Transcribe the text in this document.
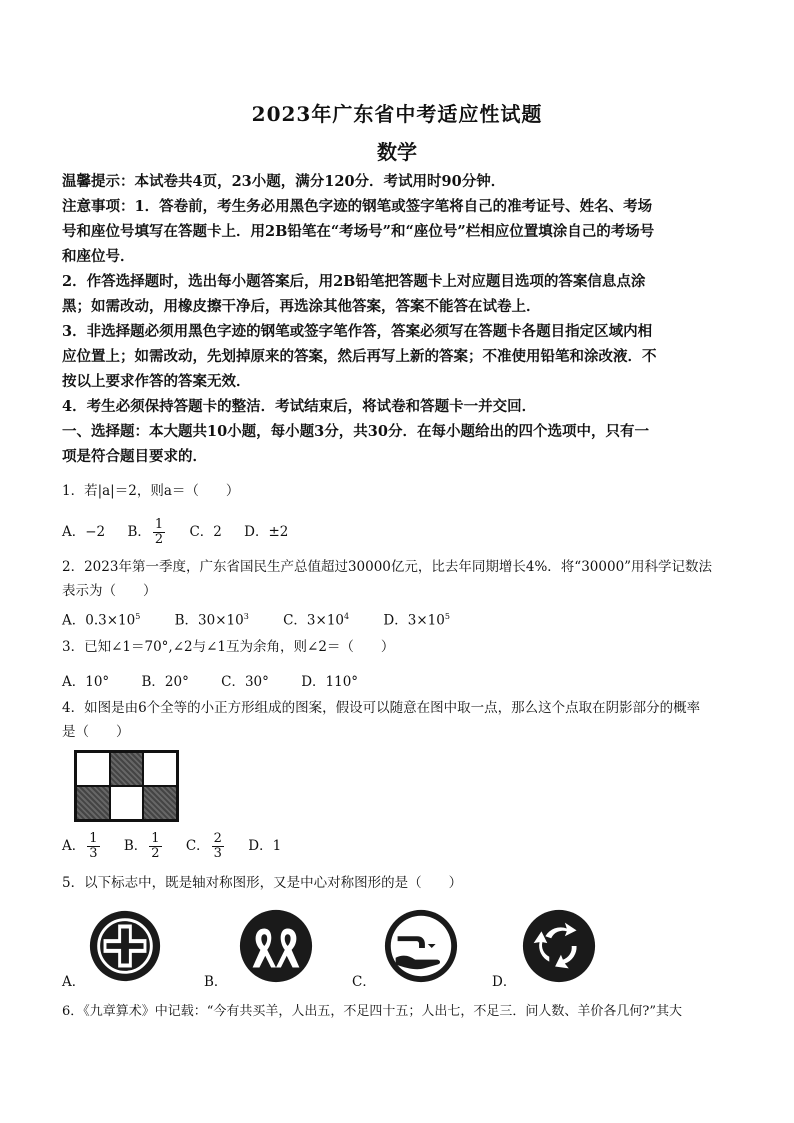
2023年广东省中考适应性试题
数学
温馨提示：本试卷共4页，23小题，满分120分．考试用时90分钟．
注意事项：1．答卷前，考生务必用黑色字迹的钢笔或签字笔将自己的准考证号、姓名、考场
号和座位号填写在答题卡上．用2B铅笔在“考场号”和“座位号”栏相应位置填涂自己的考场号
和座位号．
2．作答选择题时，选出每小题答案后，用2B铅笔把答题卡上对应题目选项的答案信息点涂
黑；如需改动，用橡皮擦干净后，再选涂其他答案，答案不能答在试卷上．
3．非选择题必须用黑色字迹的钢笔或签字笔作答，答案必须写在答题卡各题目指定区域内相
应位置上；如需改动，先划掉原来的答案，然后再写上新的答案；不准使用铅笔和涂改液．不
按以上要求作答的答案无效．
4．考生必须保持答题卡的整洁．考试结束后，将试卷和答题卡一并交回．
一、选择题：本大题共10小题，每小题3分，共30分．在每小题给出的四个选项中，只有一
项是符合题目要求的．
1．若|a|＝2，则a＝（　　）
A．−2 B． $\frac{1}{2}$ C．2 D．±2
2．2023年第一季度，广东省国民生产总值超过30000亿元，比去年同期增长4%．将“30000”用科学记数法
表示为（　　）
A．$0.3\times 10^5$	B．$30\times 10^3$	C．$3\times 10^4$	D．$3\times 10^5$
3．已知∠1＝70°,∠2与∠1互为余角，则∠2＝（　　）
A．10° B．20° C．30° D．110°
4．如图是由6个全等的小正方形组成的图案，假设可以随意在图中取一点，那么这个点取在阴影部分的概率
是（　　）
A． $\frac{1}{3}$ B． $\frac{1}{2}$ C． $\frac{2}{3}$ D．1
5．以下标志中，既是轴对称图形，又是中心对称图形的是（　　）
A．	B．	C．	D．
6．《九章算术》中记载：“今有共买羊，人出五，不足四十五；人出七，不足三．问人数、羊价各几何?”其大
